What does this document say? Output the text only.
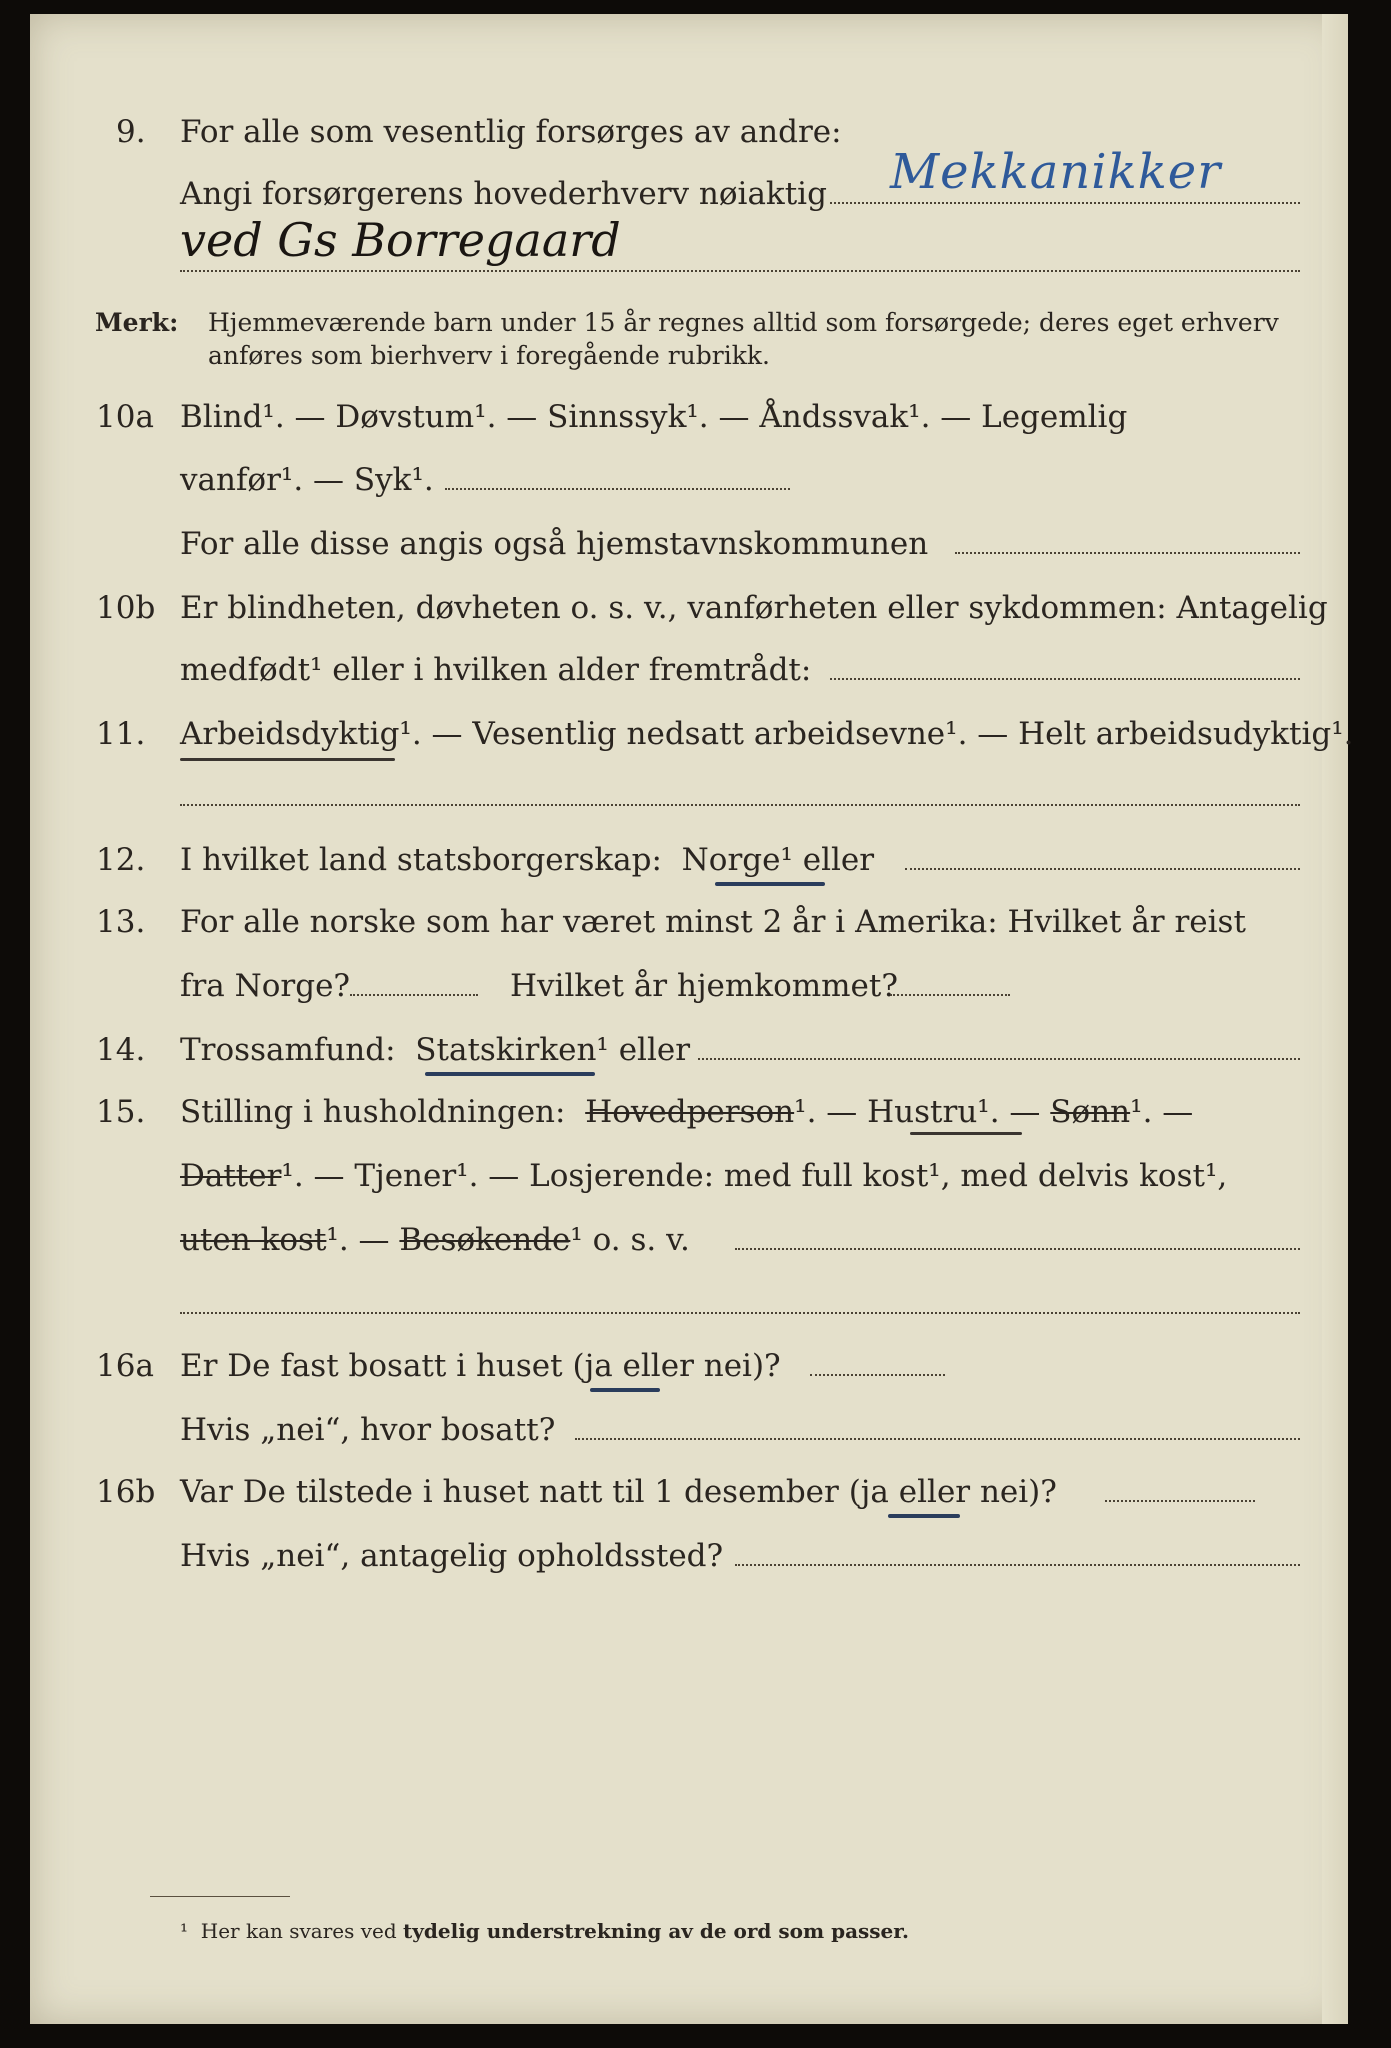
9.	For alle som vesentlig forsørges av andre:
Angi forsørgerens hovederhverv nøiaktig Mekkanikker
ved Gs Borregaard
Merk: Hjemmeværende barn under 15 år regnes alltid som forsørgede; deres eget erhverv
anføres som bierhverv i foregående rubrikk.
10a Blind¹. — Døvstum¹. — Sinnssyk¹. — Åndssvak¹. — Legemlig
vanfør¹. — Syk¹.
For alle disse angis også hjemstavnskommunen
10b Er blindheten, døvheten o. s. v., vanførheten eller sykdommen: Antagelig
medfødt¹ eller i hvilken alder fremtrådt:
11.	Arbeidsdyktig¹. — Vesentlig nedsatt arbeidsevne¹. — Helt arbeidsudyktig¹.
12.	I hvilket land statsborgerskap: Norge¹ eller
13.	For alle norske som har været minst 2 år i Amerika: Hvilket år reist
fra Norge?	Hvilket år hjemkommet?
14.	Trossamfund: Statskirken¹ eller
15.	Stilling i husholdningen: Hovedperson¹. — Hustru¹. — Sønn¹. —
Datter¹. — Tjener¹. — Losjerende: med full kost¹, med delvis kost¹,
uten kost¹. — Besøkende¹ o. s. v.
16a Er De fast bosatt i huset (ja eller nei)?
Hvis „nei“, hvor bosatt?
16b Var De tilstede i huset natt til 1 desember (ja eller nei)?
Hvis „nei“, antagelig opholdssted?
¹ Her kan svares ved tydelig understrekning av de ord som passer.
